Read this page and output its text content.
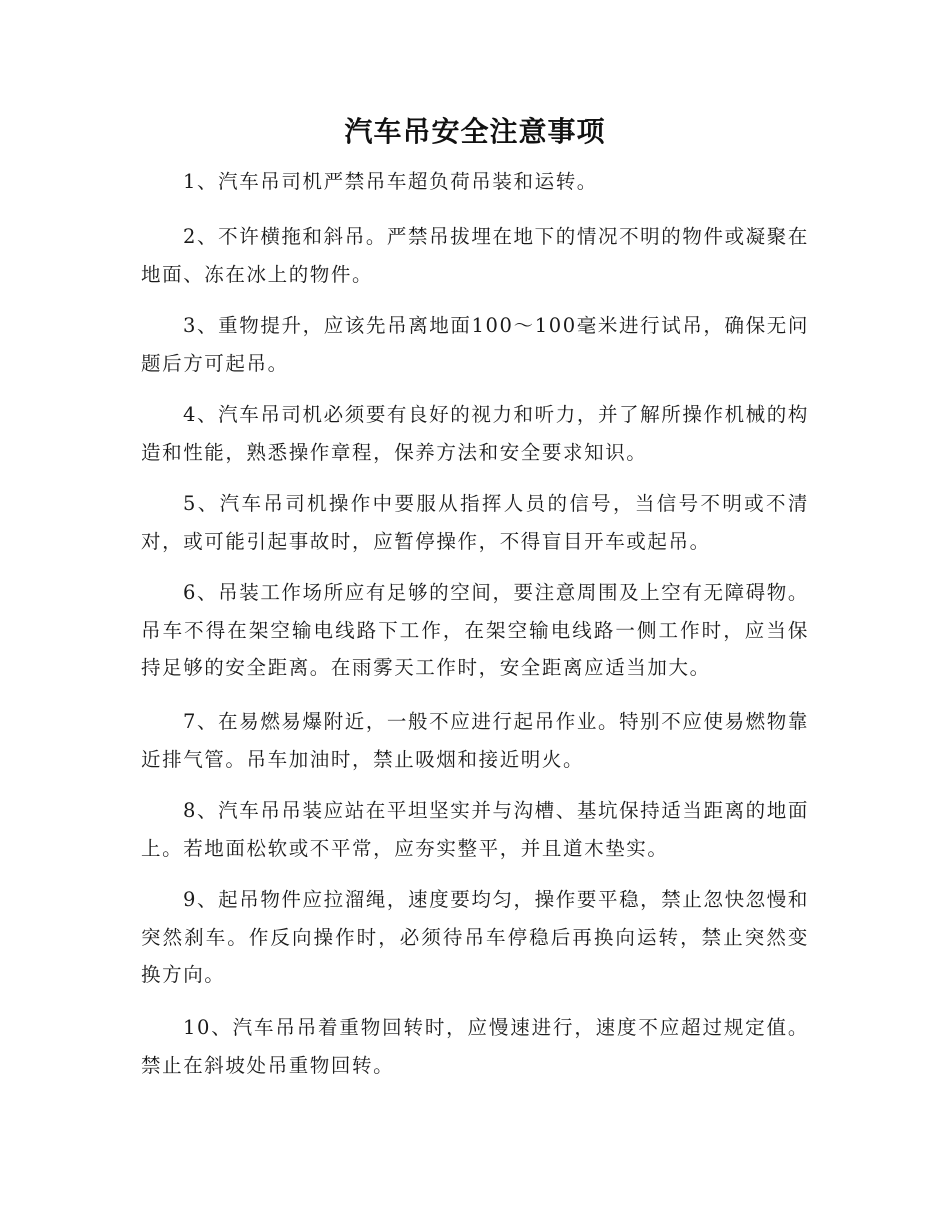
汽车吊安全注意事项

1、汽车吊司机严禁吊车超负荷吊装和运转。

2、不许横拖和斜吊。严禁吊拔埋在地下的情况不明的物件或凝聚在地面、冻在冰上的物件。

3、重物提升，应该先吊离地面100～100毫米进行试吊，确保无问题后方可起吊。

4、汽车吊司机必须要有良好的视力和听力，并了解所操作机械的构造和性能，熟悉操作章程，保养方法和安全要求知识。

5、汽车吊司机操作中要服从指挥人员的信号，当信号不明或不清对，或可能引起事故时，应暂停操作，不得盲目开车或起吊。

6、吊装工作场所应有足够的空间，要注意周围及上空有无障碍物。吊车不得在架空输电线路下工作，在架空输电线路一侧工作时，应当保持足够的安全距离。在雨雾天工作时，安全距离应适当加大。

7、在易燃易爆附近，一般不应进行起吊作业。特别不应使易燃物靠近排气管。吊车加油时，禁止吸烟和接近明火。

8、汽车吊吊装应站在平坦坚实并与沟槽、基坑保持适当距离的地面上。若地面松软或不平常，应夯实整平，并且道木垫实。

9、起吊物件应拉溜绳，速度要均匀，操作要平稳，禁止忽快忽慢和突然刹车。作反向操作时，必须待吊车停稳后再换向运转，禁止突然变换方向。

10、汽车吊吊着重物回转时，应慢速进行，速度不应超过规定值。禁止在斜坡处吊重物回转。
